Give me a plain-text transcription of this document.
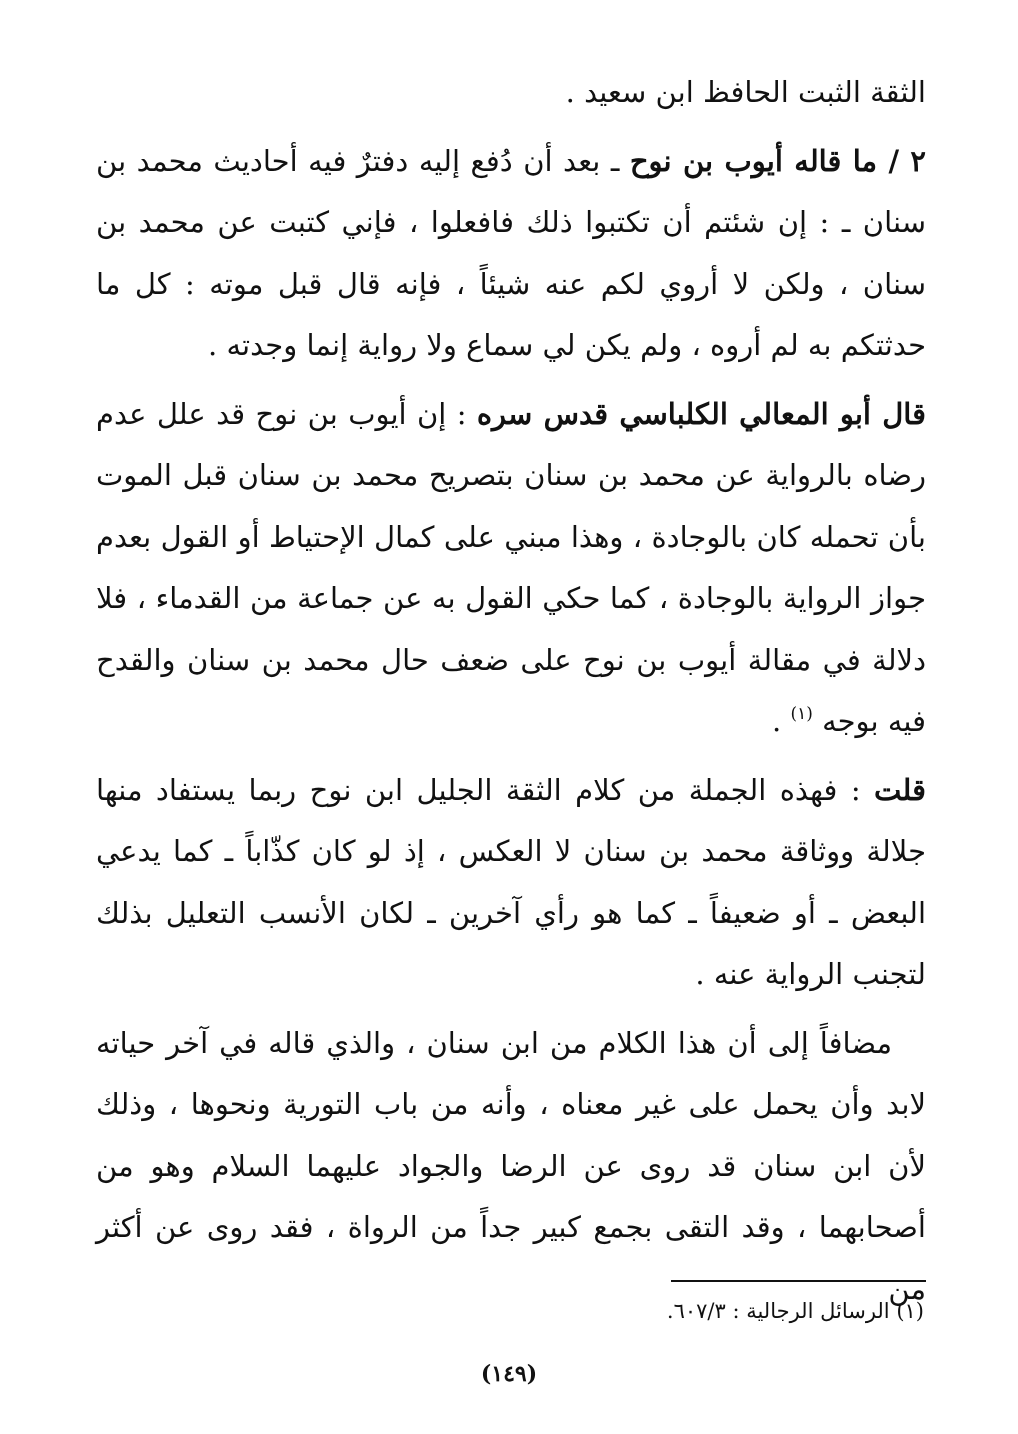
الثقة الثبت الحافظ ابن سعيد .

٢ / ما قاله أيوب بن نوح ـ بعد أن دُفع إليه دفترٌ فيه أحاديث محمد بن سنان ـ : إن شئتم أن تكتبوا ذلك فافعلوا ، فإني كتبت عن محمد بن سنان ، ولكن لا أروي لكم عنه شيئاً ، فإنه قال قبل موته : كل ما حدثتكم به لم أروه ، ولم يكن لي سماع ولا رواية إنما وجدته .

قال أبو المعالي الكلباسي قدس سره : إن أيوب بن نوح قد علل عدم رضاه بالرواية عن محمد بن سنان بتصريح محمد بن سنان قبل الموت بأن تحمله كان بالوجادة ، وهذا مبني على كمال الإحتياط أو القول بعدم جواز الرواية بالوجادة ، كما حكي القول به عن جماعة من القدماء ، فلا دلالة في مقالة أيوب بن نوح على ضعف حال محمد بن سنان والقدح فيه بوجه $^{(١)}$ .

قلت : فهذه الجملة من كلام الثقة الجليل ابن نوح ربما يستفاد منها جلالة ووثاقة محمد بن سنان لا العكس ، إذ لو كان كذّاباً ـ كما يدعي البعض ـ أو ضعيفاً ـ كما هو رأي آخرين ـ لكان الأنسب التعليل بذلك لتجنب الرواية عنه .

مضافاً إلى أن هذا الكلام من ابن سنان ، والذي قاله في آخر حياته لابد وأن يحمل على غير معناه ، وأنه من باب التورية ونحوها ، وذلك لأن ابن سنان قد روى عن الرضا والجواد عليهما السلام وهو من أصحابهما ، وقد التقى بجمع كبير جداً من الرواة ، فقد روى عن أكثر من

(١) الرسائل الرجالية : ٦٠٧/٣.
(١٤٩)
